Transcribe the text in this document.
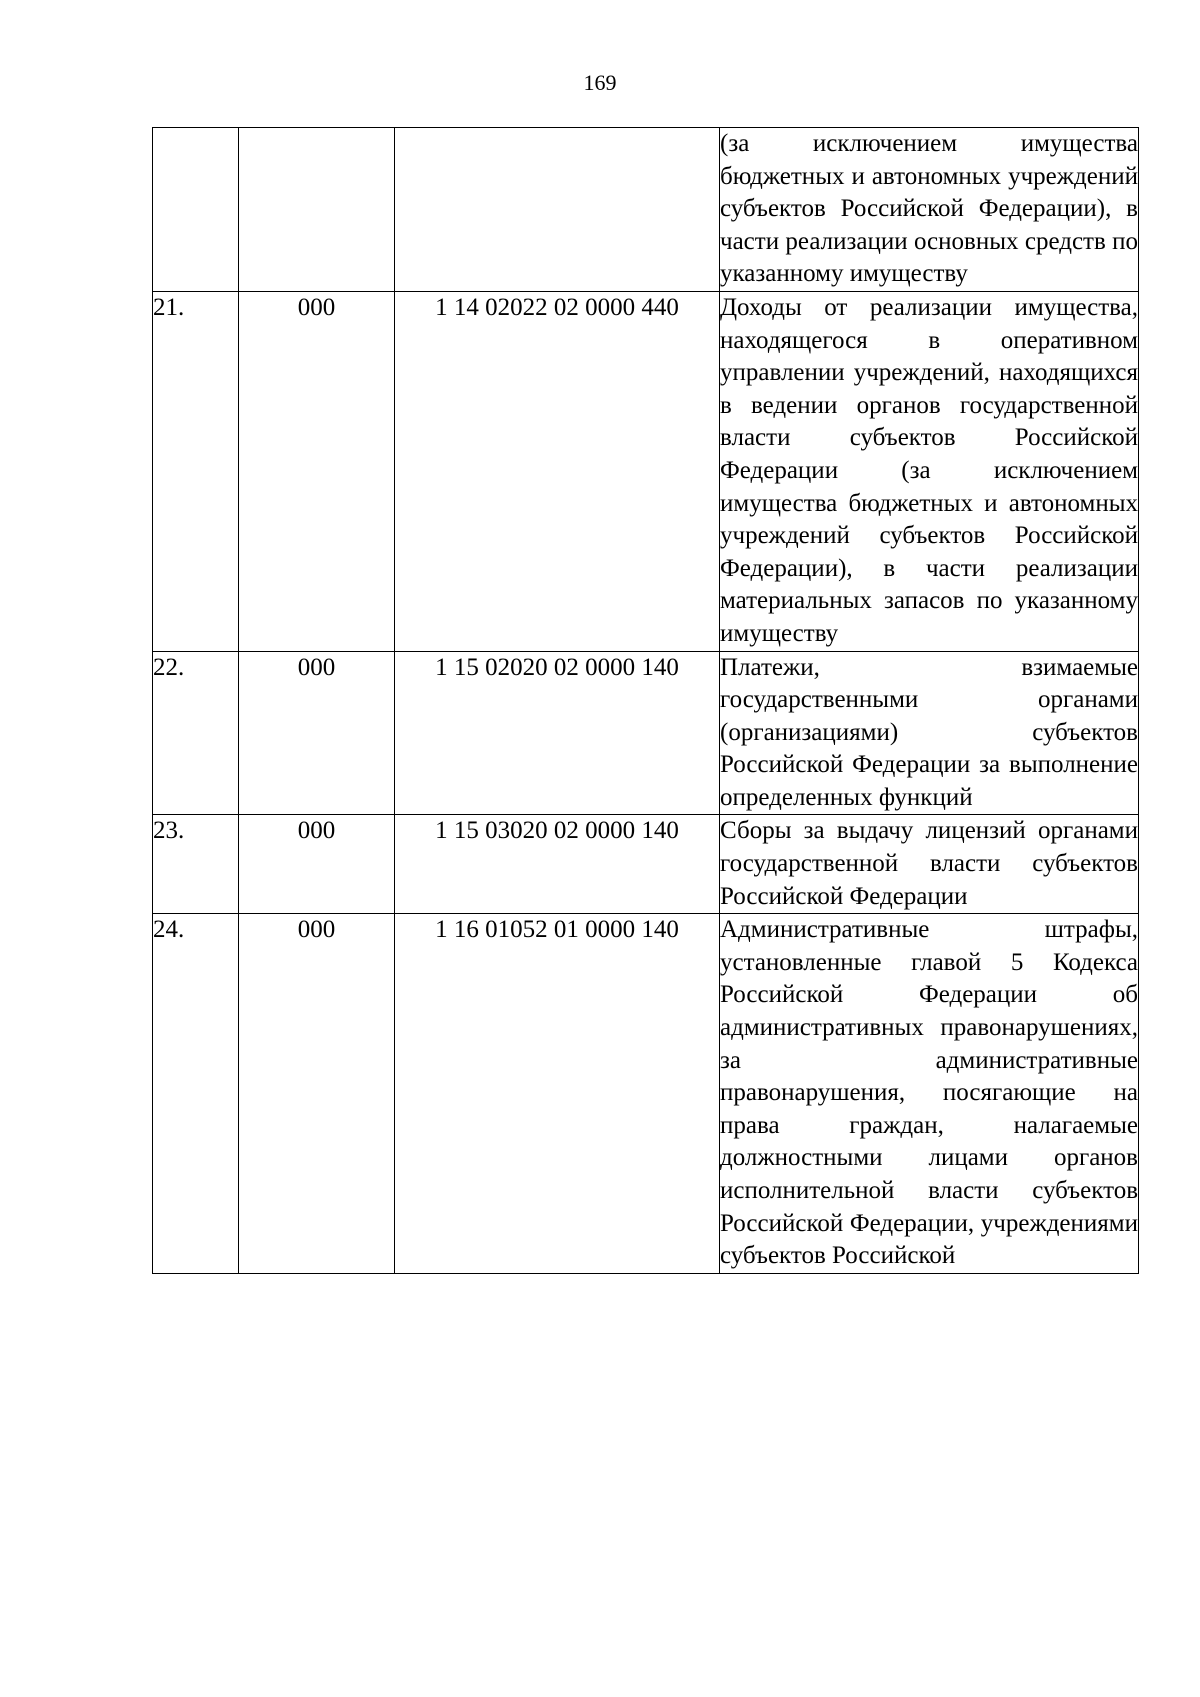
169
			(за исключением имущества бюджетных и автономных учреждений субъектов Российской Федерации), в части реализации основных средств по указанному имуществу
21.	000	1 14 02022 02 0000 440	Доходы от реализации имущества, находящегося в оперативном управлении учреждений, находящихся в ведении органов государственной власти субъектов Российской Федерации (за исключением имущества бюджетных и автономных учреждений субъектов Российской Федерации), в части реализации материальных запасов по указанному имуществу
22.	000	1 15 02020 02 0000 140	Платежи, взимаемые государственными органами (организациями) субъектов Российской Федерации за выполнение определенных функций
23.	000	1 15 03020 02 0000 140	Сборы за выдачу лицензий органами государственной власти субъектов Российской Федерации
24.	000	1 16 01052 01 0000 140	Административные штрафы, установленные главой 5 Кодекса Российской Федерации об административных правонарушениях, за административные правонарушения, посягающие на права граждан, налагаемые должностными лицами органов исполнительной власти субъектов Российской Федерации, учреждениями субъектов Российской
